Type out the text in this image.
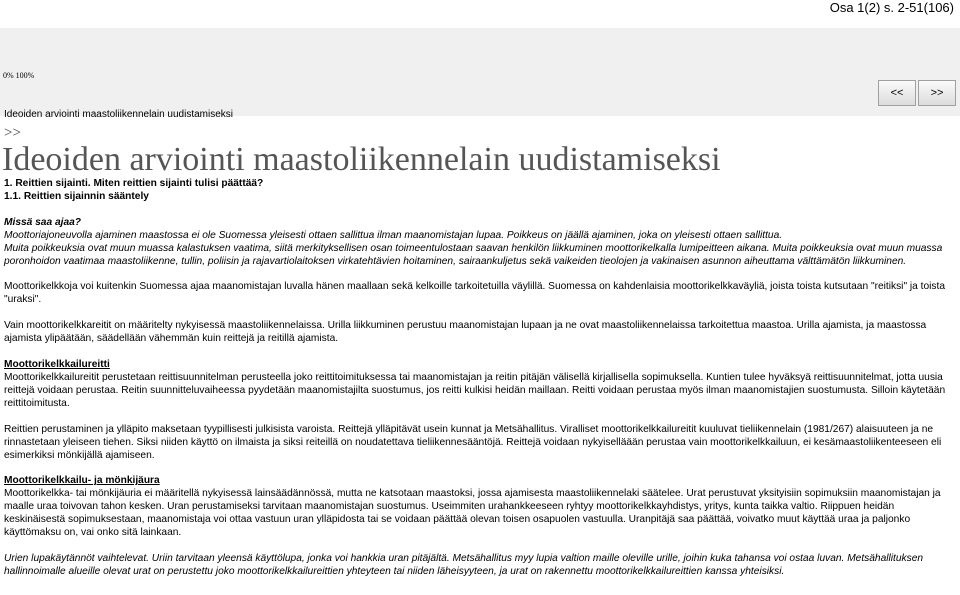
Osa 1(2) s. 2-51(106)
0% 100%
Ideoiden arviointi maastoliikennelain uudistamiseksi
<<	>>
>>
Ideoiden arviointi maastoliikennelain uudistamiseksi

1. Reittien sijainti. Miten reittien sijainti tulisi päättää?

1.1. Reittien sijainnin sääntely

Missä saa ajaa?

Moottoriajoneuvolla ajaminen maastossa ei ole Suomessa yleisesti ottaen sallittua ilman maanomistajan lupaa. Poikkeus on jäällä ajaminen, joka on yleisesti ottaen sallittua.

Muita poikkeuksia ovat muun muassa kalastuksen vaatima, siitä merkityksellisen osan toimeentulostaan saavan henkilön liikkuminen moottorikelkalla lumipeitteen aikana. Muita poikkeuksia ovat muun muassa poronhoidon vaatimaa maastoliikenne, tullin, poliisin ja rajavartiolaitoksen virkatehtävien hoitaminen, sairaankuljetus sekä vaikeiden tieolojen ja vakinaisen asunnon aiheuttama välttämätön liikkuminen.

Moottorikelkkoja voi kuitenkin Suomessa ajaa maanomistajan luvalla hänen maallaan sekä kelkoille tarkoitetuilla väylillä. Suomessa on kahdenlaisia moottorikelkkaväyliä, joista toista kutsutaan "reitiksi" ja toista "uraksi".

Vain moottorikelkkareitit on määritelty nykyisessä maastoliikennelaissa. Urilla liikkuminen perustuu maanomistajan lupaan ja ne ovat maastoliikennelaissa tarkoitettua maastoa. Urilla ajamista, ja maastossa ajamista ylipäätään, säädellään vähemmän kuin reittejä ja reitillä ajamista.

Moottorikelkkailureitti

Moottorikelkkailureitit perustetaan reittisuunnitelman perusteella joko reittitoimituksessa tai maanomistajan ja reitin pitäjän välisellä kirjallisella sopimuksella. Kuntien tulee hyväksyä reittisuunnitelmat, jotta uusia reittejä voidaan perustaa. Reitin suunnitteluvaiheessa pyydetään maanomistajilta suostumus, jos reitti kulkisi heidän maillaan. Reitti voidaan perustaa myös ilman maanomistajien suostumusta. Silloin käytetään reittitoimitusta.

Reittien perustaminen ja ylläpito maksetaan tyypillisesti julkisista varoista. Reittejä ylläpitävät usein kunnat ja Metsähallitus. Viralliset moottorikelkkailureitit kuuluvat tieliikennelain (1981/267) alaisuuteen ja ne rinnastetaan yleiseen tiehen. Siksi niiden käyttö on ilmaista ja siksi reiteillä on noudatettava tieliikennesääntöjä. Reittejä voidaan nykyiselläään perustaa vain moottorikelkkailuun, ei kesämaastoliikenteeseen eli esimerkiksi mönkijällä ajamiseen.

Moottorikelkkailu- ja mönkijäura

Moottorikelkka- tai mönkijäuria ei määritellä nykyisessä lainsäädännössä, mutta ne katsotaan maastoksi, jossa ajamisesta maastoliikennelaki säätelee. Urat perustuvat yksityisiin sopimuksiin maanomistajan ja maalle uraa toivovan tahon kesken. Uran perustamiseksi tarvitaan maanomistajan suostumus. Useimmiten urahankkeeseen ryhtyy moottorikelkkayhdistys, yritys, kunta taikka valtio. Riippuen heidän keskinäisestä sopimuksestaan, maanomistaja voi ottaa vastuun uran ylläpidosta tai se voidaan päättää olevan toisen osapuolen vastuulla. Uranpitäjä saa päättää, voivatko muut käyttää uraa ja paljonko käyttömaksu on, vai onko sitä lainkaan.

Urien lupakäytännöt vaihtelevat. Uriin tarvitaan yleensä käyttölupa, jonka voi hankkia uran pitäjältä. Metsähallitus myy lupia valtion maille oleville urille, joihin kuka tahansa voi ostaa luvan. Metsähallituksen hallinnoimalle alueille olevat urat on perustettu joko moottorikelkkailureittien yhteyteen tai niiden läheisyyteen, ja urat on rakennettu moottorikelkkailureittien kanssa yhteisiksi.
